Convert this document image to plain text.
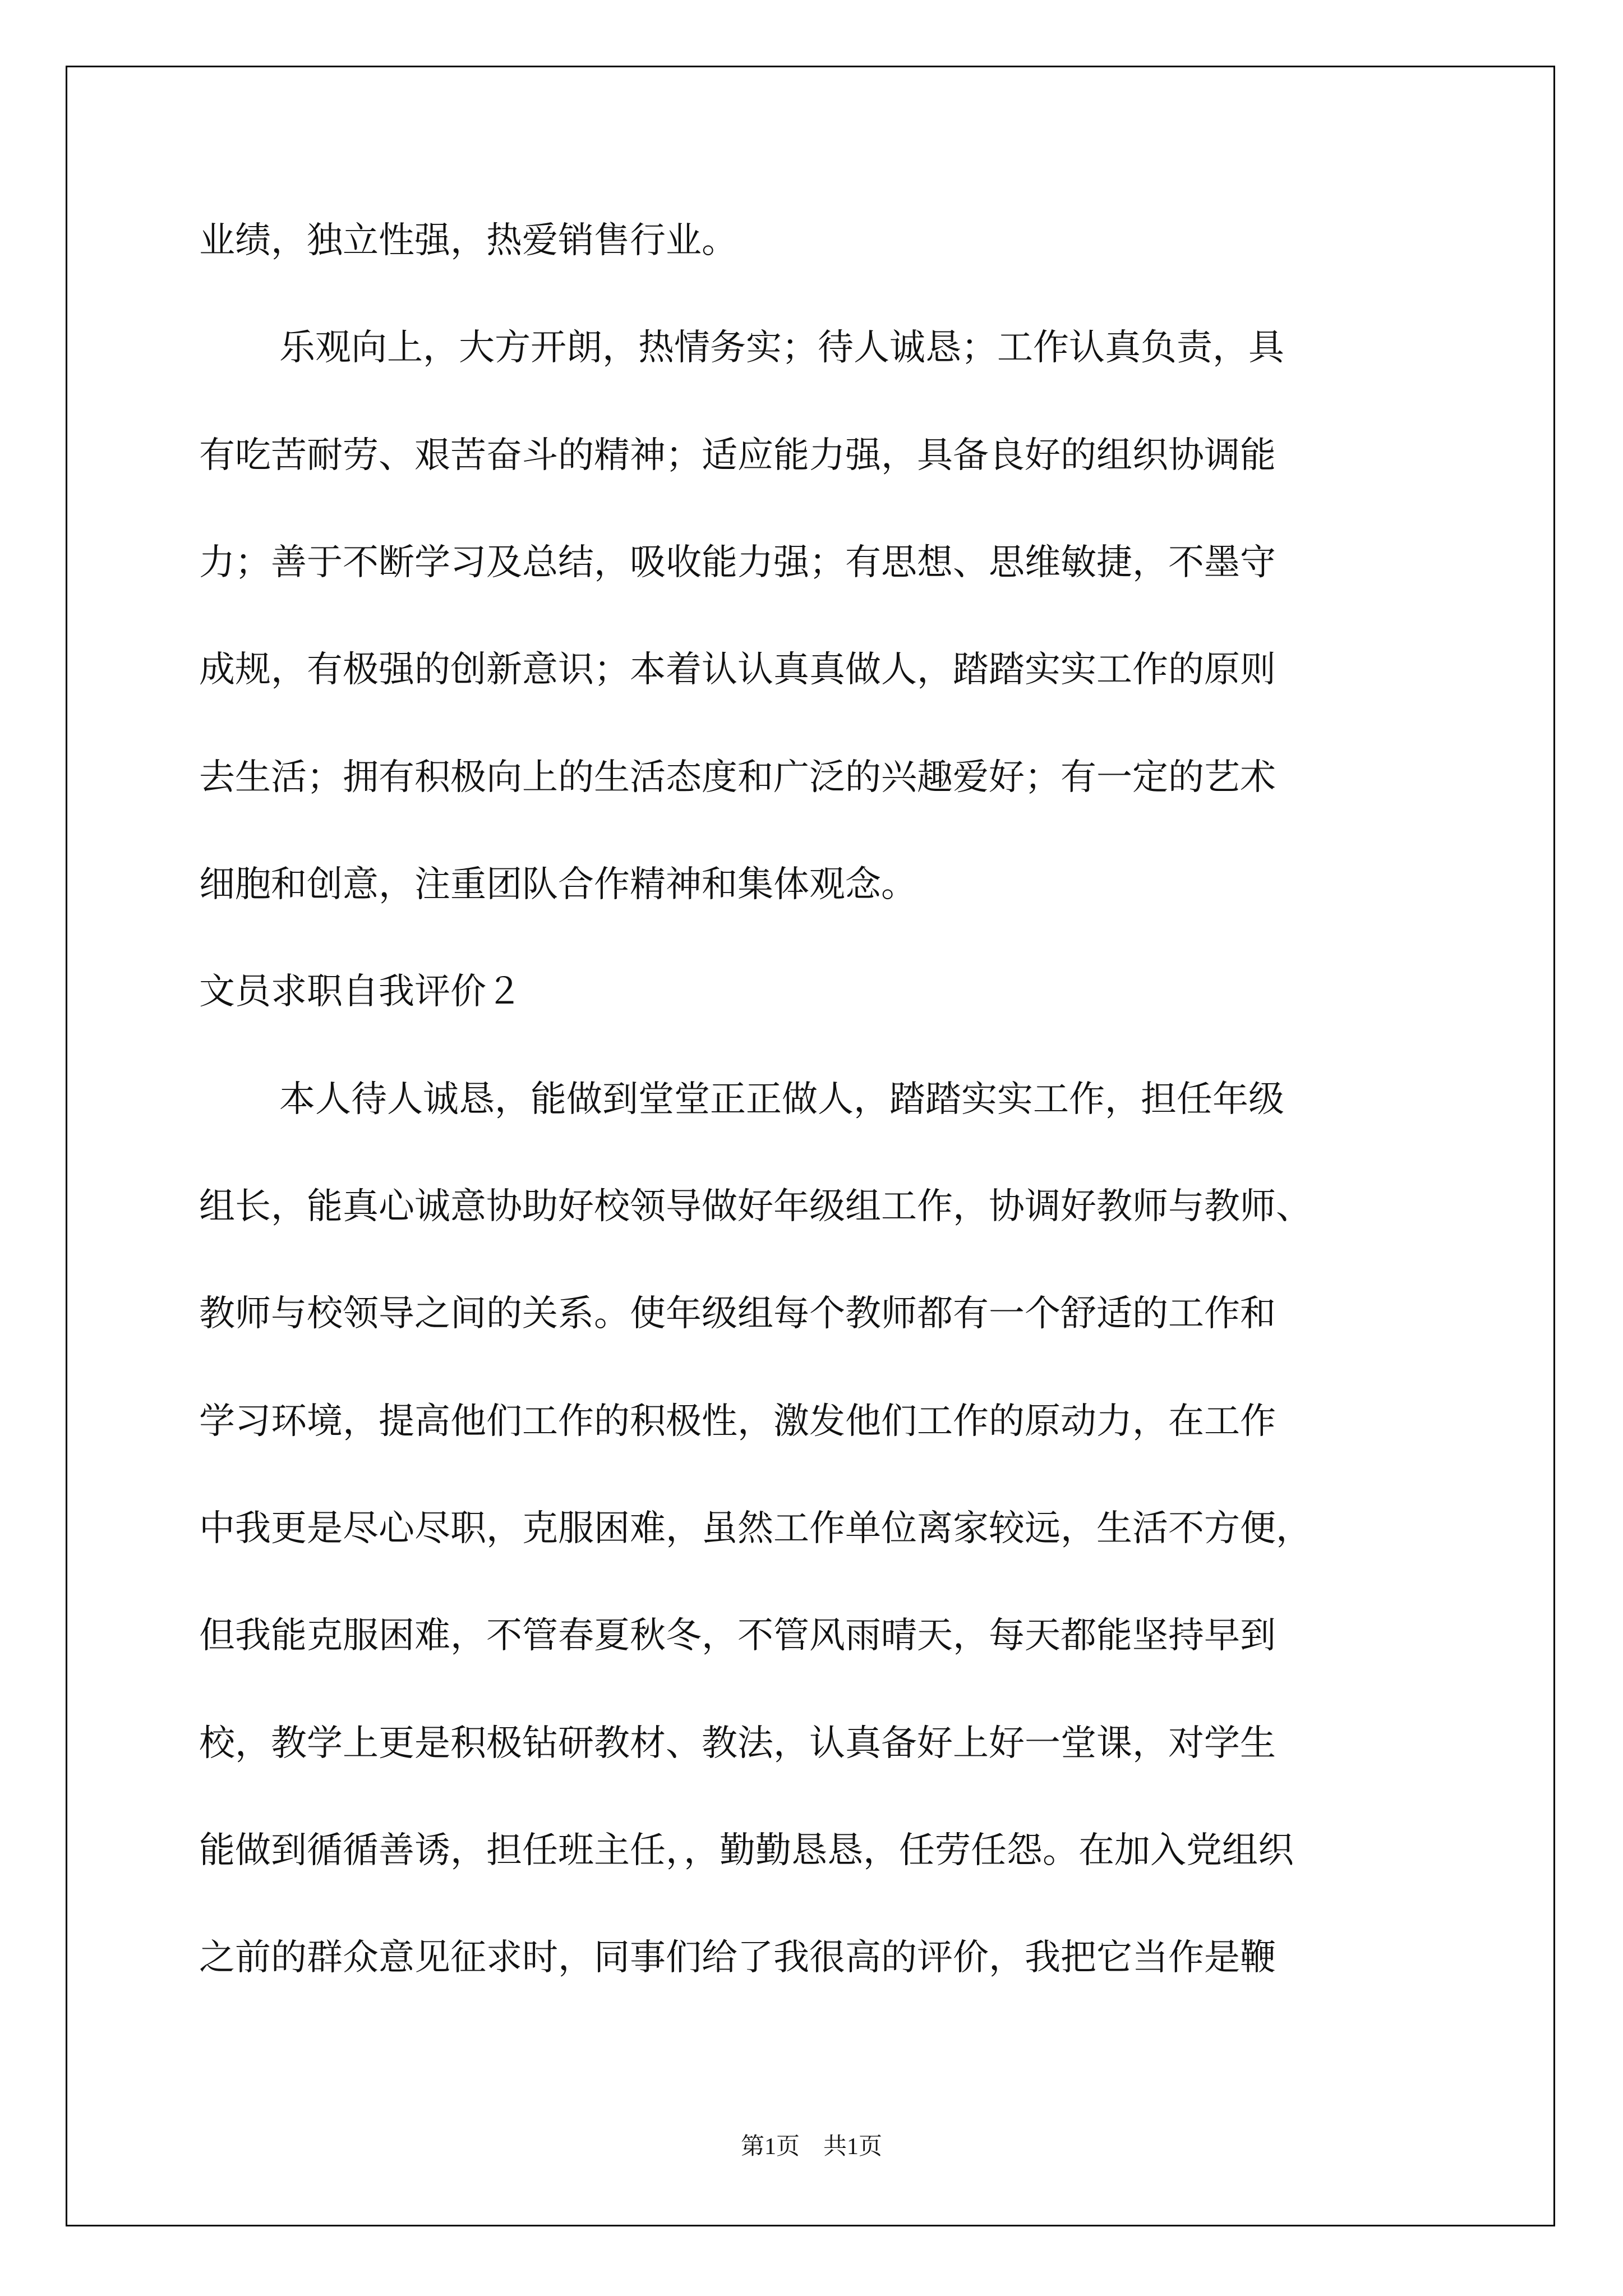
业绩，独立性强，热爱销售行业。

乐观向上，大方开朗，热情务实；待人诚恳；工作认真负责，具

有吃苦耐劳、艰苦奋斗的精神；适应能力强，具备良好的组织协调能

力；善于不断学习及总结，吸收能力强；有思想、思维敏捷，不墨守

成规，有极强的创新意识；本着认认真真做人，踏踏实实工作的原则

去生活；拥有积极向上的生活态度和广泛的兴趣爱好；有一定的艺术

细胞和创意，注重团队合作精神和集体观念。

文员求职自我评价２

本人待人诚恳，能做到堂堂正正做人，踏踏实实工作，担任年级

组长，能真心诚意协助好校领导做好年级组工作，协调好教师与教师、

教师与校领导之间的关系。使年级组每个教师都有一个舒适的工作和

学习环境，提高他们工作的积极性，激发他们工作的原动力，在工作

中我更是尽心尽职，克服困难，虽然工作单位离家较远，生活不方便，

但我能克服困难，不管春夏秋冬，不管风雨晴天，每天都能坚持早到

校，教学上更是积极钻研教材、教法，认真备好上好一堂课，对学生

能做到循循善诱，担任班主任，，勤勤恳恳，任劳任怨。在加入党组织

之前的群众意见征求时，同事们给了我很高的评价，我把它当作是鞭

第1页　共1页
